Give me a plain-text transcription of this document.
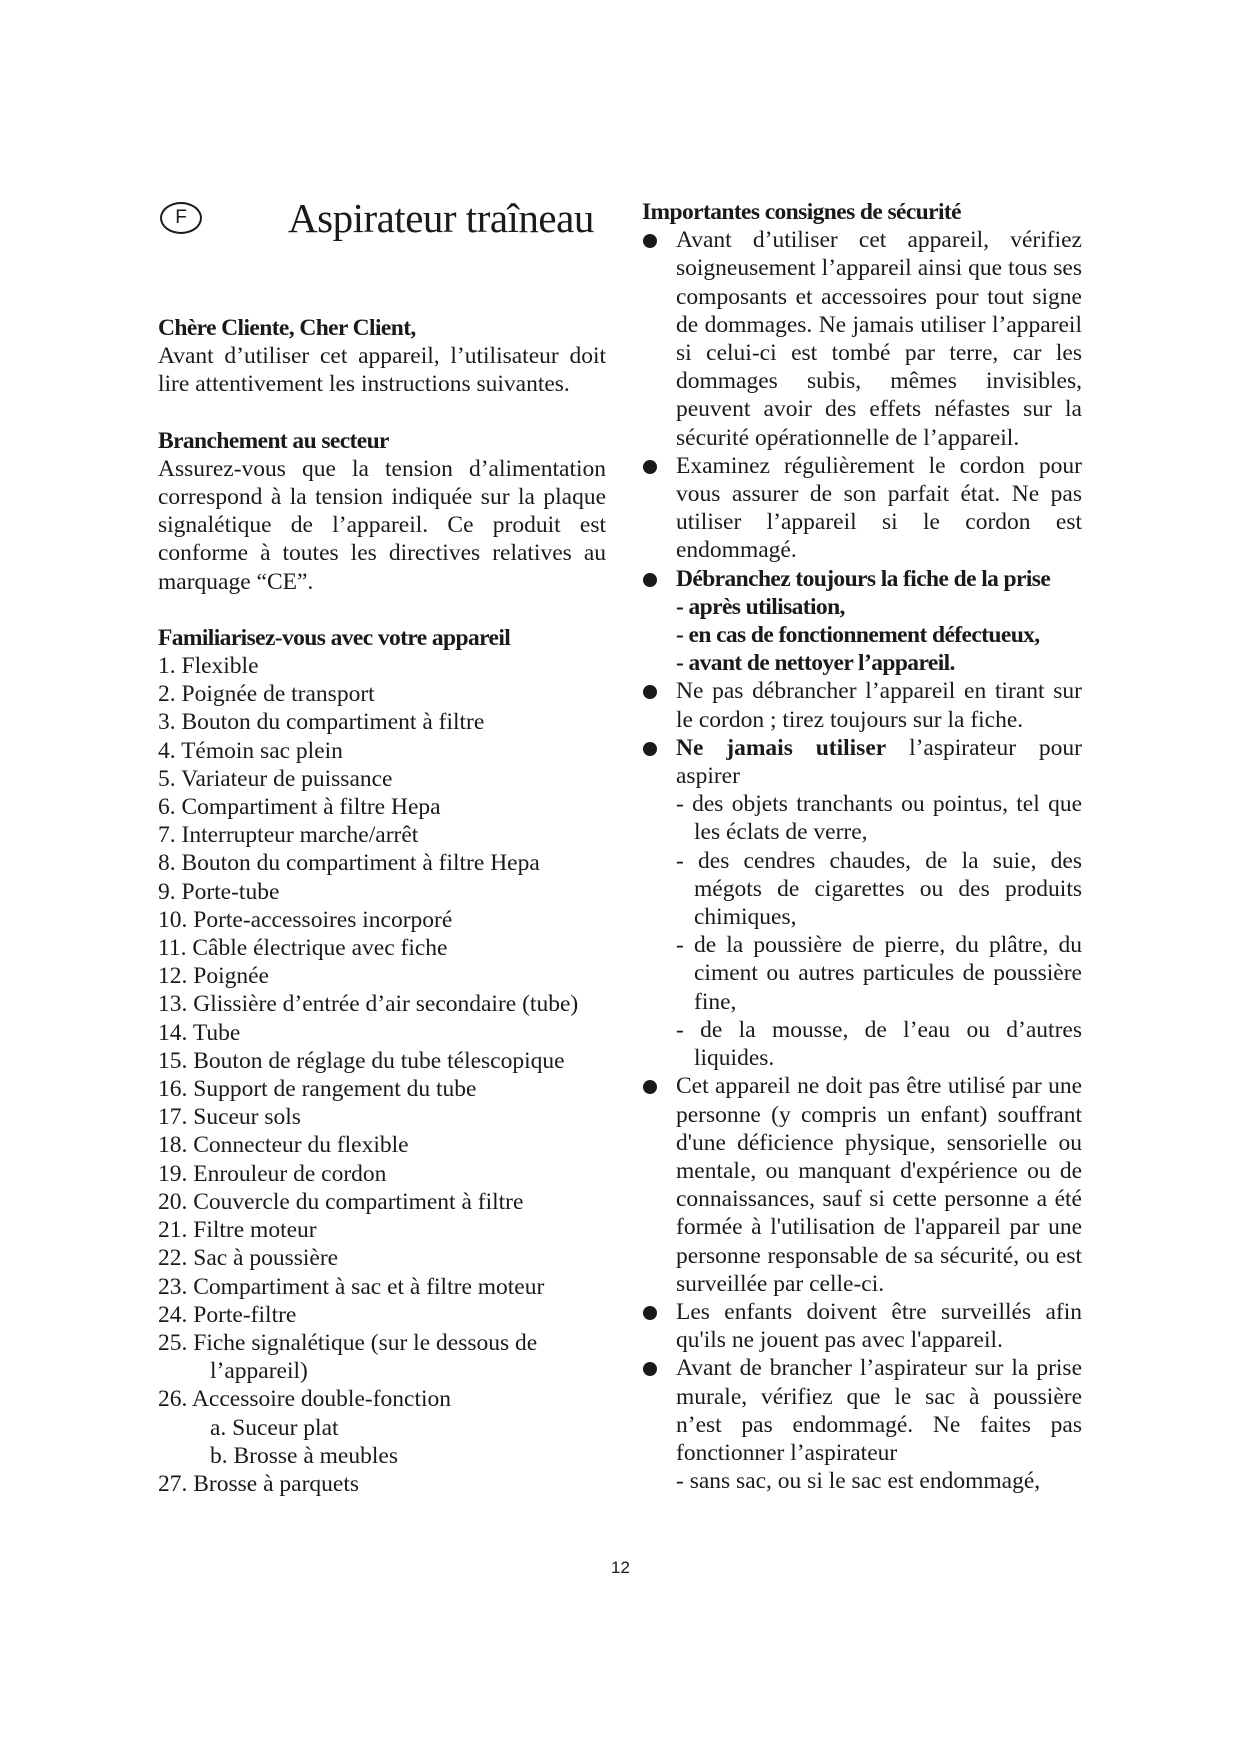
F	Aspirateur traîneau
Chère Cliente, Cher Client,
Avant d’utiliser cet appareil, l’utilisateur doit lire attentivement les instructions suivantes.
Branchement au secteur
Assurez-vous que la tension d’alimentation correspond à la tension indiquée sur la plaque signalétique de l’appareil. Ce produit est conforme à toutes les directives relatives au marquage “CE”.
Familiarisez-vous avec votre appareil
1. Flexible
2. Poignée de transport
3. Bouton du compartiment à filtre
4. Témoin sac plein
5. Variateur de puissance
6. Compartiment à filtre Hepa
7. Interrupteur marche/arrêt
8. Bouton du compartiment à filtre Hepa
9. Porte-tube
10. Porte-accessoires incorporé
11. Câble électrique avec fiche
12. Poignée
13. Glissière d’entrée d’air secondaire (tube)
14. Tube
15. Bouton de réglage du tube télescopique
16. Support de rangement du tube
17. Suceur sols
18. Connecteur du flexible
19. Enrouleur de cordon
20. Couvercle du compartiment à filtre
21. Filtre moteur
22. Sac à poussière
23. Compartiment à sac et à filtre moteur
24. Porte-filtre
25. Fiche signalétique (sur le dessous de l’appareil)
26. Accessoire double-fonction
a. Suceur plat
b. Brosse à meubles
27. Brosse à parquets
Importantes consignes de sécurité
Avant d’utiliser cet appareil, vérifiez soigneusement l’appareil ainsi que tous ses composants et accessoires pour tout signe de dommages. Ne jamais utiliser l’appareil si celui-ci est tombé par terre, car les dommages subis, mêmes invisibles, peuvent avoir des effets néfastes sur la sécurité opérationnelle de l’appareil.
Examinez régulièrement le cordon pour vous assurer de son parfait état. Ne pas utiliser l’appareil si le cordon est endommagé.
Débranchez toujours la fiche de la prise
- après utilisation,
- en cas de fonctionnement défectueux,
- avant de nettoyer l’appareil.
Ne pas débrancher l’appareil en tirant sur le cordon ; tirez toujours sur la fiche.
Ne jamais utiliser l’aspirateur pour aspirer
- des objets tranchants ou pointus, tel que les éclats de verre,
- des cendres chaudes, de la suie, des mégots de cigarettes ou des produits chimiques,
- de la poussière de pierre, du plâtre, du ciment ou autres particules de poussière fine,
- de la mousse, de l’eau ou d’autres liquides.
Cet appareil ne doit pas être utilisé par une personne (y compris un enfant) souffrant d'une déficience physique, sensorielle ou mentale, ou manquant d'expérience ou de connaissances, sauf si cette personne a été formée à l'utilisation de l'appareil par une personne responsable de sa sécurité, ou est surveillée par celle-ci.
Les enfants doivent être surveillés afin qu'ils ne jouent pas avec l'appareil.
Avant de brancher l’aspirateur sur la prise murale, vérifiez que le sac à poussière n’est pas endommagé. Ne faites pas fonctionner l’aspirateur
- sans sac, ou si le sac est endommagé,
12
